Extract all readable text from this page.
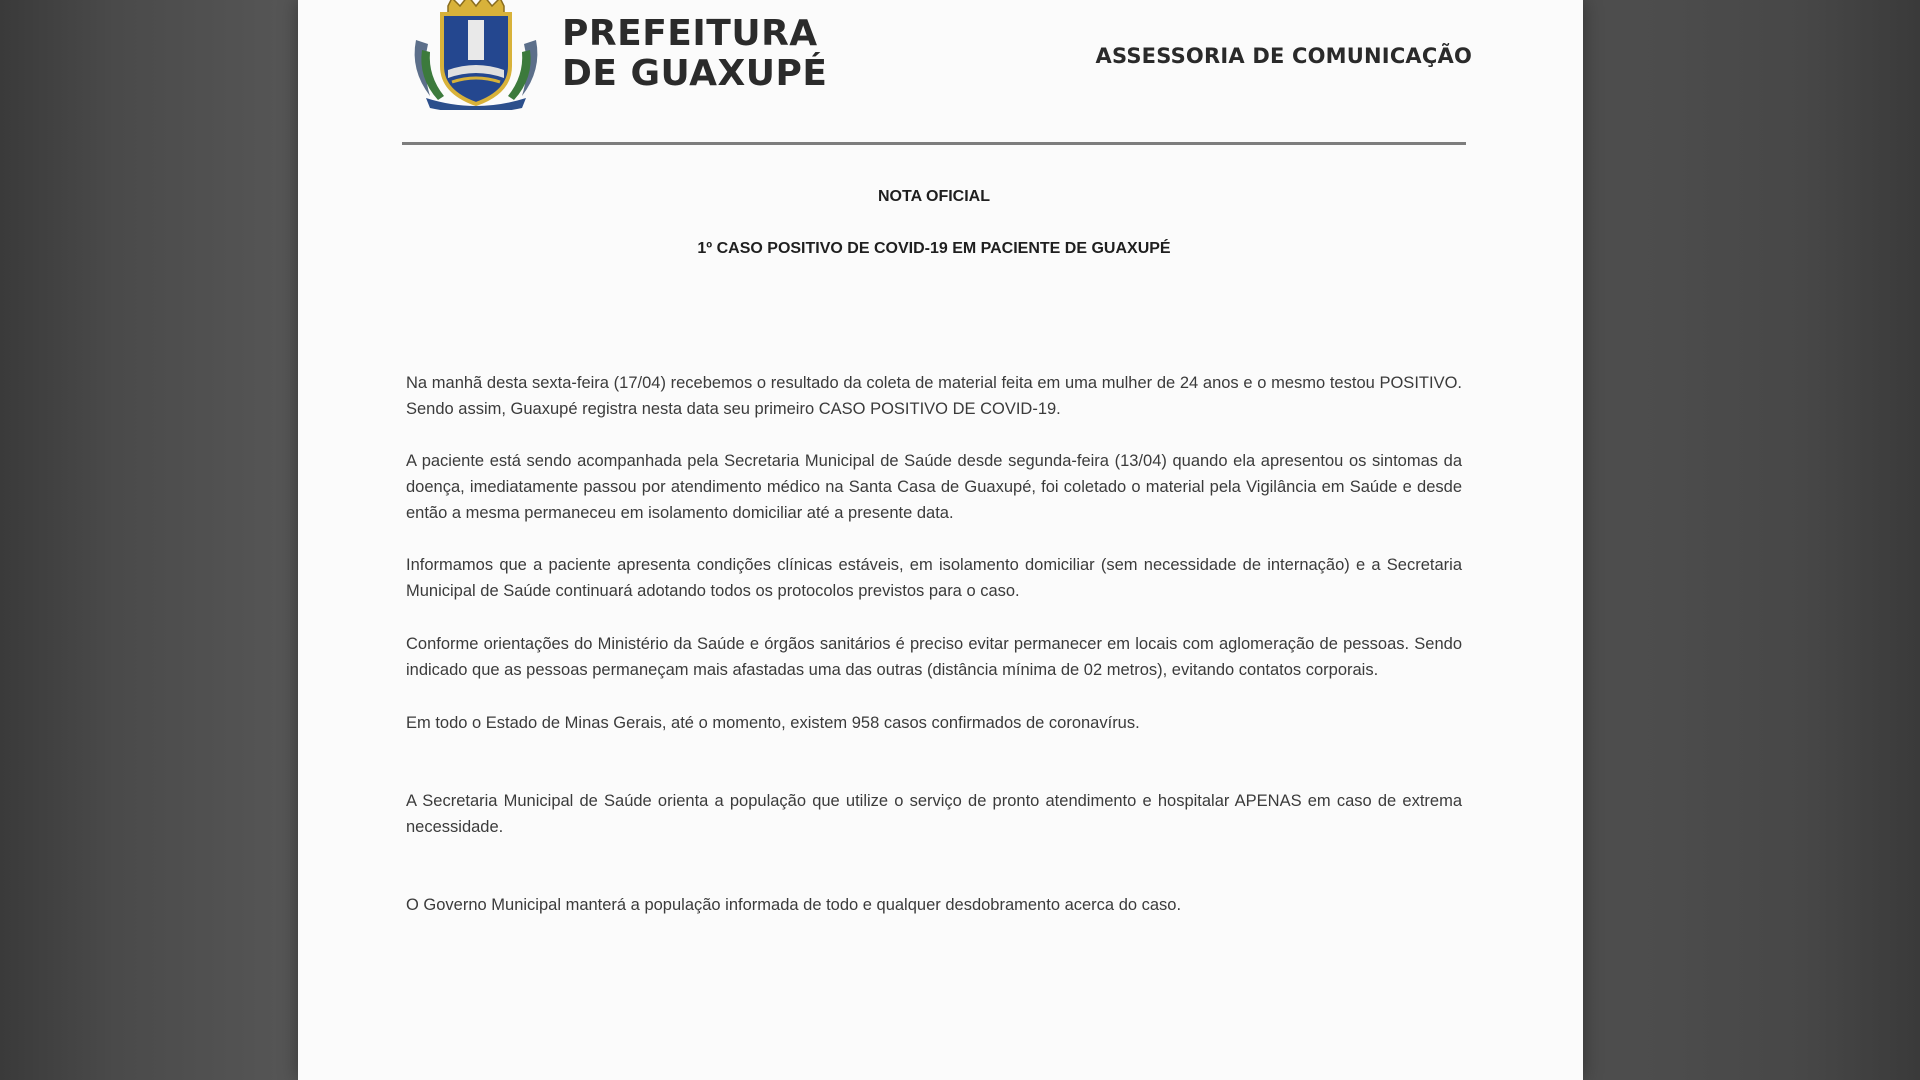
PREFEITURA
DE GUAXUPÉ	ASSESSORIA DE COMUNICAÇÃO
NOTA OFICIAL
1º CASO POSITIVO DE COVID-19 EM PACIENTE DE GUAXUPÉ

Na manhã desta sexta-feira (17/04) recebemos o resultado da coleta de material feita em uma mulher de 24 anos e o mesmo testou POSITIVO. Sendo assim, Guaxupé registra nesta data seu primeiro CASO POSITIVO DE COVID-19.

A paciente está sendo acompanhada pela Secretaria Municipal de Saúde desde segunda-feira (13/04) quando ela apresentou os sintomas da doença, imediatamente passou por atendimento médico na Santa Casa de Guaxupé, foi coletado o material pela Vigilância em Saúde e desde então a mesma permaneceu em isolamento domiciliar até a presente data.

Informamos que a paciente apresenta condições clínicas estáveis, em isolamento domiciliar (sem necessidade de internação) e a Secretaria Municipal de Saúde continuará adotando todos os protocolos previstos para o caso.

Conforme orientações do Ministério da Saúde e órgãos sanitários é preciso evitar permanecer em locais com aglomeração de pessoas. Sendo indicado que as pessoas permaneçam mais afastadas uma das outras (distância mínima de 02 metros), evitando contatos corporais.

Em todo o Estado de Minas Gerais, até o momento, existem 958 casos confirmados de coronavírus.

A Secretaria Municipal de Saúde orienta a população que utilize o serviço de pronto atendimento e hospitalar APENAS em caso de extrema necessidade.

O Governo Municipal manterá a população informada de todo e qualquer desdobramento acerca do caso.
